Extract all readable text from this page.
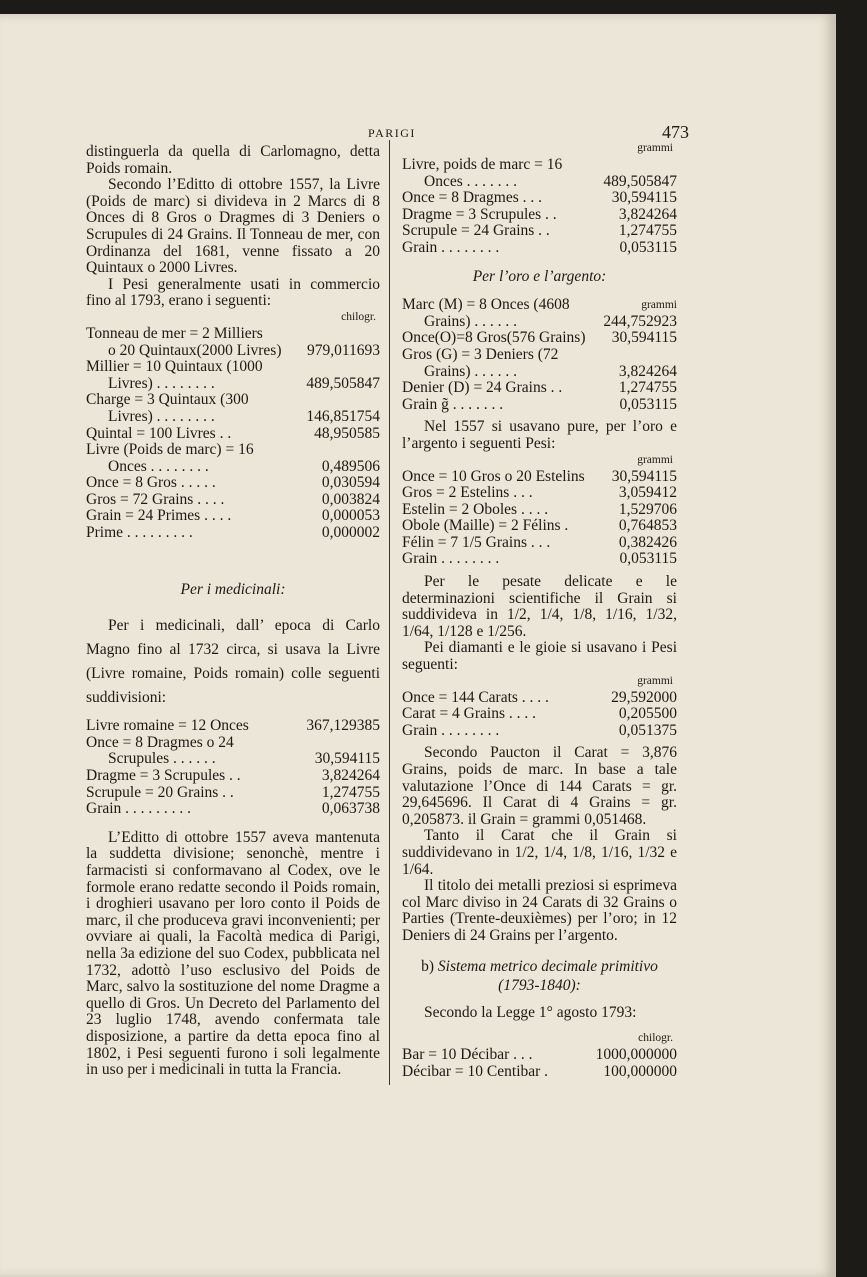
PARIGI	473

distinguerla da quella di Carlomagno, detta Poids romain.

Secondo l’Editto di ottobre 1557, la Livre (Poids de marc) si divideva in 2 Marcs di 8 Onces di 8 Gros o Dragmes di 3 Deniers o Scrupules di 24 Grains. Il Tonneau de mer, con Ordinanza del 1681, venne fissato a 20 Quintaux o 2000 Livres.

I Pesi generalmente usati in commercio fino al 1793, erano i seguenti:

chilogr.
Tonneau de mer = 2 Milliers
o 20 Quintaux(2000 Livres) 979,011693
Millier = 10 Quintaux (1000
Livres) . . . . . . . .	489,505847
Charge = 3 Quintaux (300
Livres) . . . . . . . .	146,851754
Quintal = 100 Livres . .	48,950585
Livre (Poids de marc) = 16
Onces . . . . . . . .	0,489506
Once = 8 Gros . . . . .	0,030594
Gros = 72 Grains . . . .	0,003824
Grain = 24 Primes . . . .	0,000053
Prime . . . . . . . . .	0,000002

Per i medicinali:

Per i medicinali, dall’ epoca di Carlo Magno fino al 1732 circa, si usava la Livre (Livre romaine, Poids romain) colle seguenti suddivisioni:

Livre romaine = 12 Onces	367,129385
Once = 8 Dragmes o 24
Scrupules . . . . . .	30,594115
Dragme = 3 Scrupules . .	3,824264
Scrupule = 20 Grains . .	1,274755
Grain . . . . . . . . .	0,063738

L’Editto di ottobre 1557 aveva mantenuta la suddetta divisione; senonchè, mentre i farmacisti si conformavano al Codex, ove le formole erano redatte secondo il Poids romain, i droghieri usavano per loro conto il Poids de marc, il che produceva gravi inconvenienti; per ovviare ai quali, la Facoltà medica di Parigi, nella 3a edizione del suo Codex, pubblicata nel 1732, adottò l’uso esclusivo del Poids de Marc, salvo la sostituzione del nome Dragme a quello di Gros. Un Decreto del Parlamento del 23 luglio 1748, avendo confermata tale disposizione, a partire da detta epoca fino al 1802, i Pesi seguenti furono i soli legalmente in uso per i medicinali in tutta la Francia.

grammi
Livre, poids de marc = 16
Onces . . . . . . .	489,505847
Once = 8 Dragmes . . .	30,594115
Dragme = 3 Scrupules . .	3,824264
Scrupule = 24 Grains . .	1,274755
Grain . . . . . . . .	0,053115

Per l’oro e l’argento:

Marc (M) = 8 Onces (4608	grammi
Grains) . . . . . .	244,752923
Once(O)=8 Gros(576 Grains) 30,594115
Gros (G) = 3 Deniers (72
Grains) . . . . . .	3,824264
Denier (D) = 24 Grains . .	1,274755
Grain g̃ . . . . . . .	0,053115

Nel 1557 si usavano pure, per l’oro e l’argento i seguenti Pesi:

grammi
Once = 10 Gros o 20 Estelins 30,594115
Gros = 2 Estelins . . .	3,059412
Estelin = 2 Oboles . . . .	1,529706
Obole (Maille) = 2 Félins .	0,764853
Félin = 7 1/5 Grains . . .	0,382426
Grain . . . . . . . .	0,053115

Per le pesate delicate e le determinazioni scientifiche il Grain si suddivideva in 1/2, 1/4, 1/8, 1/16, 1/32, 1/64, 1/128 e 1/256.

Pei diamanti e le gioie si usavano i Pesi seguenti:

grammi
Once = 144 Carats . . . .	29,592000
Carat = 4 Grains . . . .	0,205500
Grain . . . . . . . .	0,051375

Secondo Paucton il Carat = 3,876 Grains, poids de marc. In base a tale valutazione l’Once di 144 Carats = gr. 29,645696. Il Carat di 4 Grains = gr. 0,205873. il Grain = grammi 0,051468.

Tanto il Carat che il Grain si suddividevano in 1/2, 1/4, 1/8, 1/16, 1/32 e 1/64.

Il titolo dei metalli preziosi si esprimeva col Marc diviso in 24 Carats di 32 Grains o Parties (Trente-deuxièmes) per l’oro; in 12 Deniers di 24 Grains per l’argento.

b) Sistema metrico decimale primitivo
(1793-1840):

Secondo la Legge 1° agosto 1793:

chilogr.
Bar = 10 Décibar . . .	1000,000000
Décibar = 10 Centibar .	100,000000
